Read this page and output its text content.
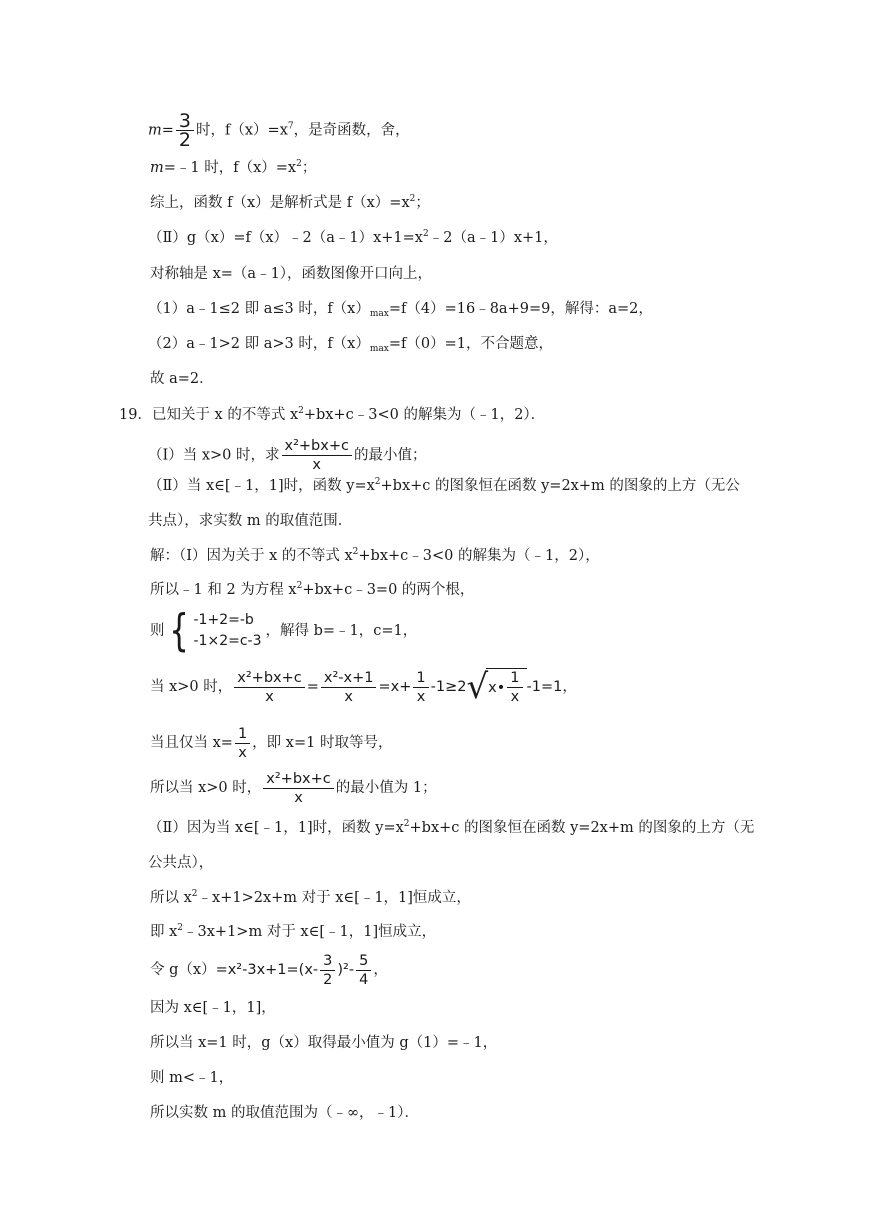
$m= \frac{3}{2}$ 时，$f(x)=x^7$，是奇函数，舍，
m=﹣1 时，$f(x)=x^2$；
综上，函数 f（x）是解析式是 $f(x)=x^2$；
$(Ⅱ)g(x)=f(x)﹣2(a﹣1)x+1=x^2﹣2(a﹣1)x+1$，
对称轴是 x=（a﹣1），函数图像开口向上，
（1）a﹣1≤2 即 a≤3 时，$f(x)_{max}=f(4)=16﹣8a+9=9$，解得：a=2，
（2）a﹣1>2 即 a>3 时，$f(x)_{max}=f(0)=1$，不合题意，
故 a=2．
19．已知关于 x 的不等式 $x^2+bx+c﹣3<0$ 的解集为（﹣1，2）．
（Ⅰ）当 x>0 时，求 $\frac{\text{x²+bx+c}}{x}$ 的最小值；
（Ⅱ）当 x∈[﹣1，1]时，函数 $y=x^2+bx+c$ 的图象恒在函数 y=2x+m 的图象的上方（无公
共点），求实数 m 的取值范围．
解：（Ⅰ）因为关于 x 的不等式 $x^2+bx+c﹣3<0$ 的解集为（﹣1，2），
所以﹣1 和 2 为方程 $x^2+bx+c﹣3=0$ 的两个根，
则 { -1+2=-b
-1×2=c-3
，解得 b=﹣1，c=1，
当 x>0 时， $\frac{\text{x²+bx+c}}{x} = \frac{\text{x²-x+1}}{x} =x+ \frac{1}{x} -1\ge 2$ √ x• $\frac{1}{x} -1=1$，
当且仅当 $x= \frac{1}{x}$ ，即 x=1 时取等号，
所以当 x>0 时， $\frac{\text{x²+bx+c}}{x}$ 的最小值为 1；
（Ⅱ）因为当 x∈[﹣1，1]时，函数 $y=x^2+bx+c$ 的图象恒在函数 y=2x+m 的图象的上方（无
公共点），
所以 $x^2﹣x+1>2x+m$ 对于 x∈[﹣1，1]恒成立，
即 $x^2﹣3x+1>m$ 对于 x∈[﹣1，1]恒成立，
令 $g(x)= x^2-3x+1=(x- \frac{3}{2} )^2- \frac{5}{4}$ ，
因为 x∈[﹣1，1]，
所以当 x=1 时，g（x）取得最小值为 g（1）=﹣1，
则 m<﹣1，
所以实数 m 的取值范围为（﹣∞，﹣1）．
